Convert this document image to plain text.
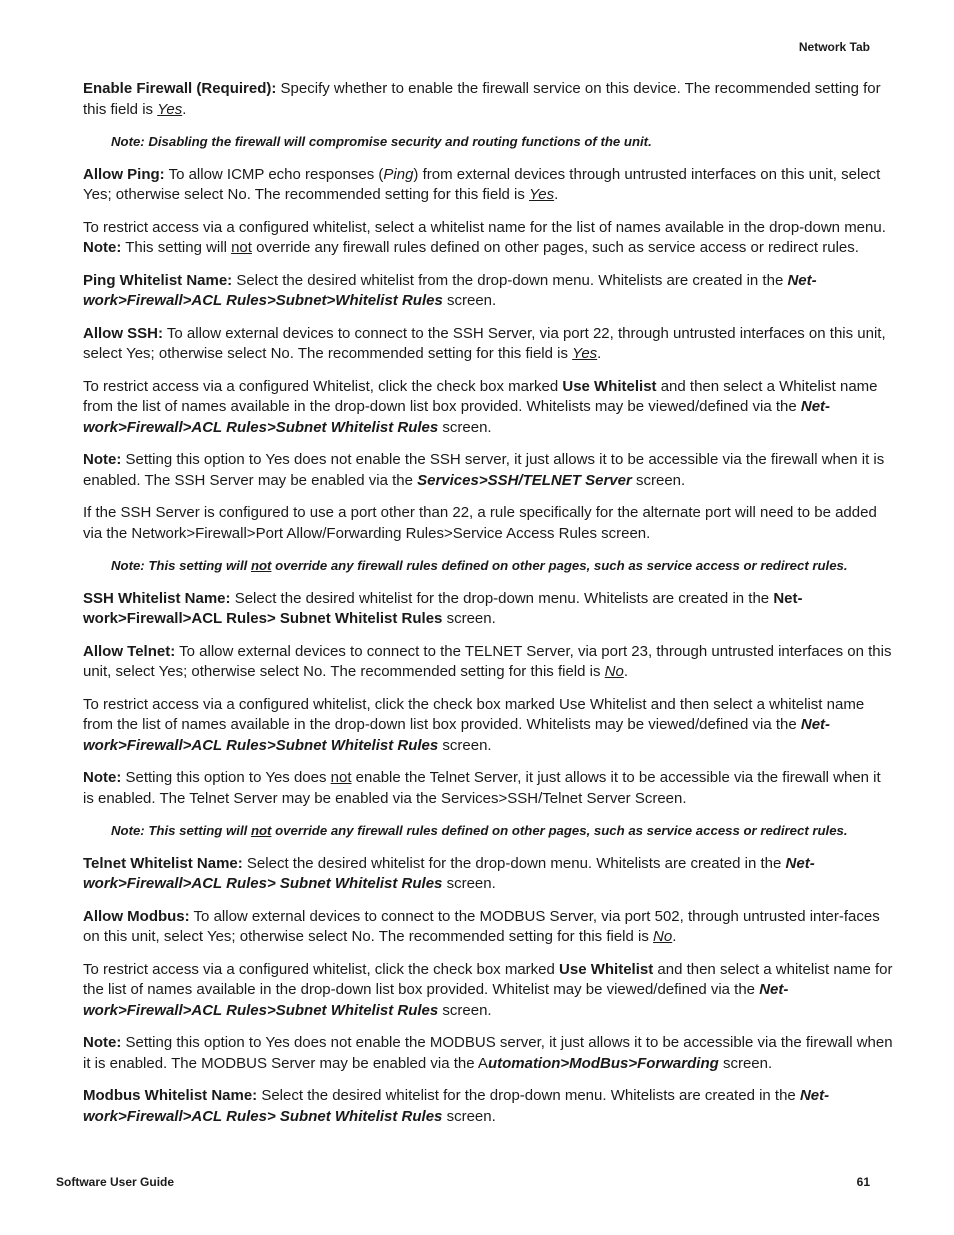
Network Tab

Enable Firewall (Required): Specify whether to enable the firewall service on this device. The recommended setting for this field is Yes.

Note: Disabling the firewall will compromise security and routing functions of the unit.

Allow Ping: To allow ICMP echo responses (Ping) from external devices through untrusted interfaces on this unit, select Yes; otherwise select No. The recommended setting for this field is Yes.

To restrict access via a configured whitelist, select a whitelist name for the list of names available in the drop-down menu. Note: This setting will not override any firewall rules defined on other pages, such as service access or redirect rules.

Ping Whitelist Name: Select the desired whitelist from the drop-down menu. Whitelists are created in the Net-work>Firewall>ACL Rules>Subnet>Whitelist Rules screen.

Allow SSH: To allow external devices to connect to the SSH Server, via port 22, through untrusted interfaces on this unit, select Yes; otherwise select No. The recommended setting for this field is Yes.

To restrict access via a configured Whitelist, click the check box marked Use Whitelist and then select a Whitelist name from the list of names available in the drop-down list box provided. Whitelists may be viewed/defined via the Net-work>Firewall>ACL Rules>Subnet Whitelist Rules screen.

Note: Setting this option to Yes does not enable the SSH server, it just allows it to be accessible via the firewall when it is enabled. The SSH Server may be enabled via the Services>SSH/TELNET Server screen.

If the SSH Server is configured to use a port other than 22, a rule specifically for the alternate port will need to be added via the Network>Firewall>Port Allow/Forwarding Rules>Service Access Rules screen.

Note: This setting will not override any firewall rules defined on other pages, such as service access or redirect rules.

SSH Whitelist Name: Select the desired whitelist for the drop-down menu. Whitelists are created in the Net-work>Firewall>ACL Rules> Subnet Whitelist Rules screen.

Allow Telnet: To allow external devices to connect to the TELNET Server, via port 23, through untrusted interfaces on this unit, select Yes; otherwise select No. The recommended setting for this field is No.

To restrict access via a configured whitelist, click the check box marked Use Whitelist and then select a whitelist name from the list of names available in the drop-down list box provided. Whitelists may be viewed/defined via the Net-work>Firewall>ACL Rules>Subnet Whitelist Rules screen.

Note: Setting this option to Yes does not enable the Telnet Server, it just allows it to be accessible via the firewall when it is enabled. The Telnet Server may be enabled via the Services>SSH/Telnet Server Screen.

Note: This setting will not override any firewall rules defined on other pages, such as service access or redirect rules.

Telnet Whitelist Name: Select the desired whitelist for the drop-down menu. Whitelists are created in the Net-work>Firewall>ACL Rules> Subnet Whitelist Rules screen.

Allow Modbus: To allow external devices to connect to the MODBUS Server, via port 502, through untrusted inter-faces on this unit, select Yes; otherwise select No. The recommended setting for this field is No.

To restrict access via a configured whitelist, click the check box marked Use Whitelist and then select a whitelist name for the list of names available in the drop-down list box provided. Whitelist may be viewed/defined via the Net-work>Firewall>ACL Rules>Subnet Whitelist Rules screen.

Note: Setting this option to Yes does not enable the MODBUS server, it just allows it to be accessible via the firewall when it is enabled. The MODBUS Server may be enabled via the Automation>ModBus>Forwarding screen.

Modbus Whitelist Name: Select the desired whitelist for the drop-down menu. Whitelists are created in the Net-work>Firewall>ACL Rules> Subnet Whitelist Rules screen.

Software User Guide	61
